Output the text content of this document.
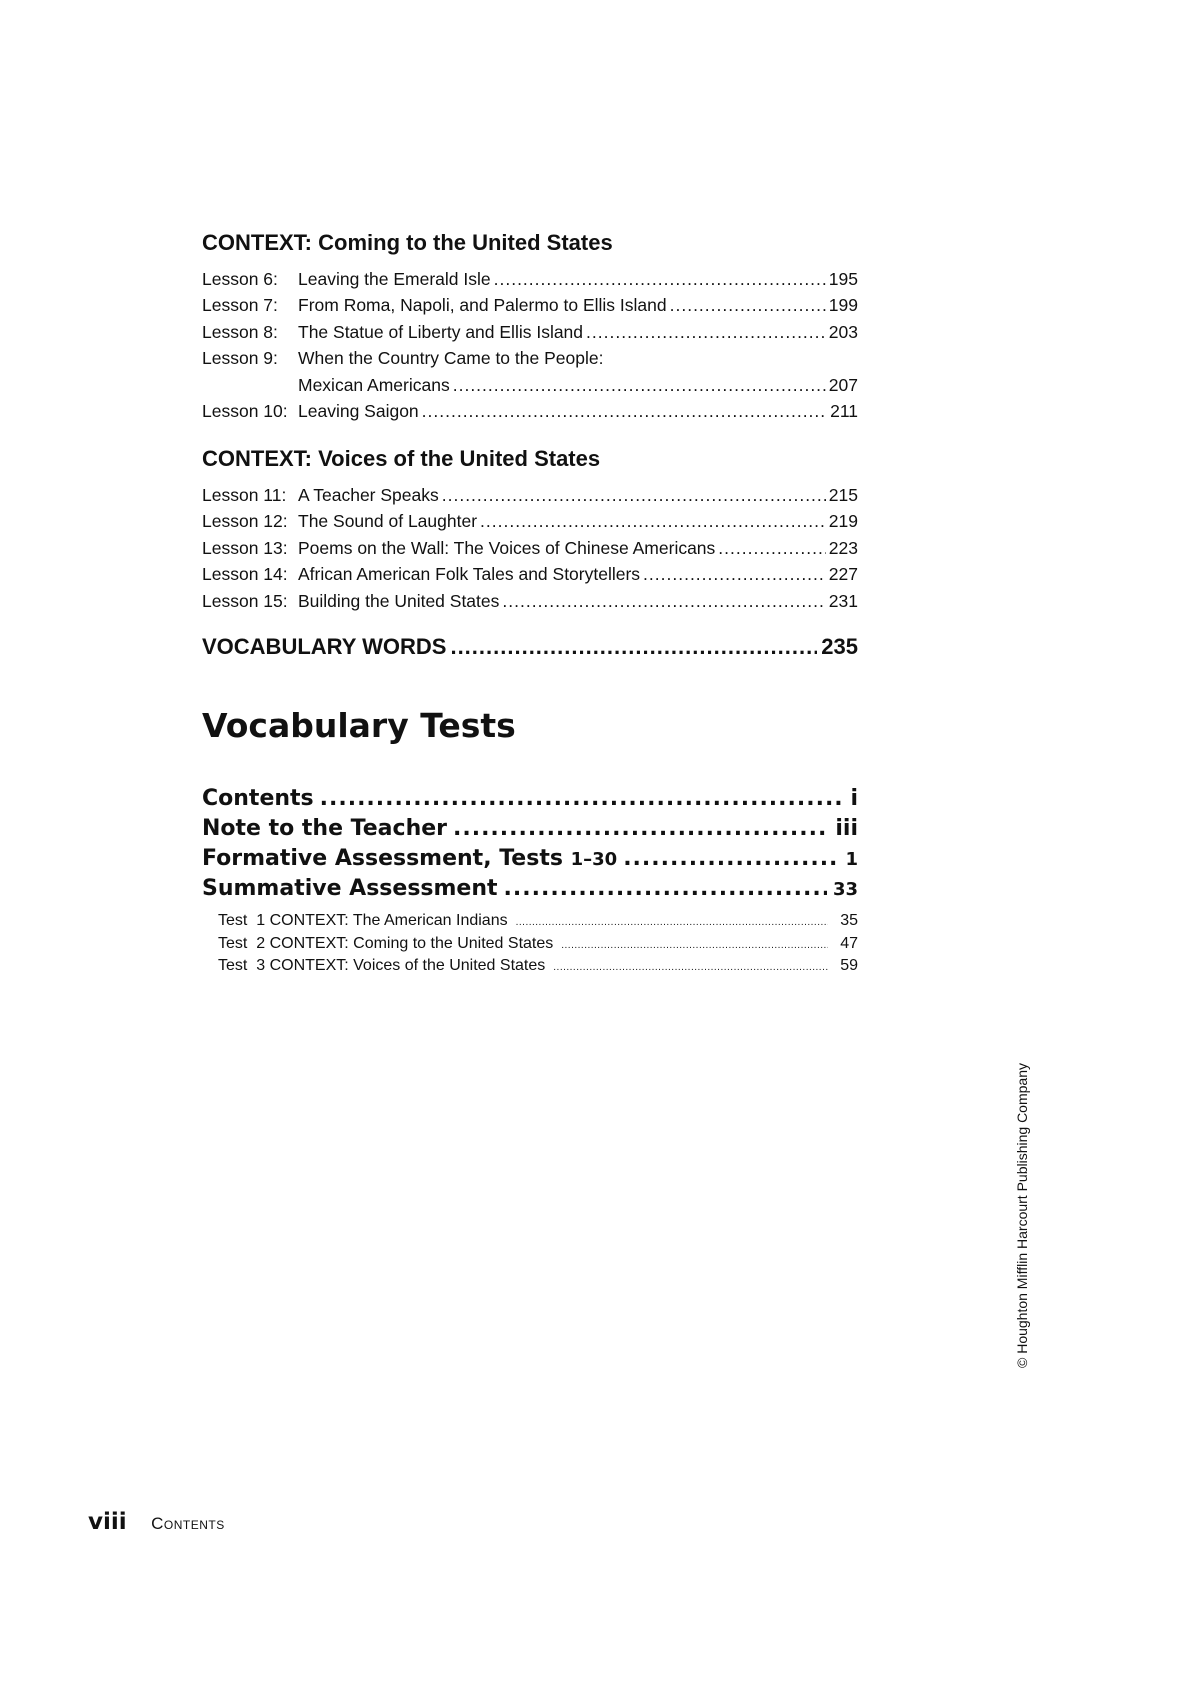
CONTEXT: Coming to the United States
Lesson 6:	Leaving the Emerald Isle .....	195
Lesson 7:	From Roma, Napoli, and Palermo to Ellis Island .....	199
Lesson 8:	The Statue of Liberty and Ellis Island .....	203
Lesson 9:	When the Country Came to the People:
Mexican Americans .....	207
Lesson 10: Leaving Saigon .....	211
CONTEXT: Voices of the United States
Lesson 11: A Teacher Speaks .....	215
Lesson 12: The Sound of Laughter .....	219
Lesson 13: Poems on the Wall: The Voices of Chinese Americans .....	223
Lesson 14: African American Folk Tales and Storytellers .....	227
Lesson 15: Building the United States .....	231
VOCABULARY WORDS .....	235
Vocabulary Tests
Contents .....	i
Note to the Teacher .....	iii
Formative Assessment, Tests 1–30 .....	1
Summative Assessment .....	33
Test  1 CONTEXT: The American Indians .....	35
Test  2 CONTEXT: Coming to the United States .....	47
Test  3 CONTEXT: Voices of the United States .....	59
viii Contents
© Houghton Mifflin Harcourt Publishing Company
